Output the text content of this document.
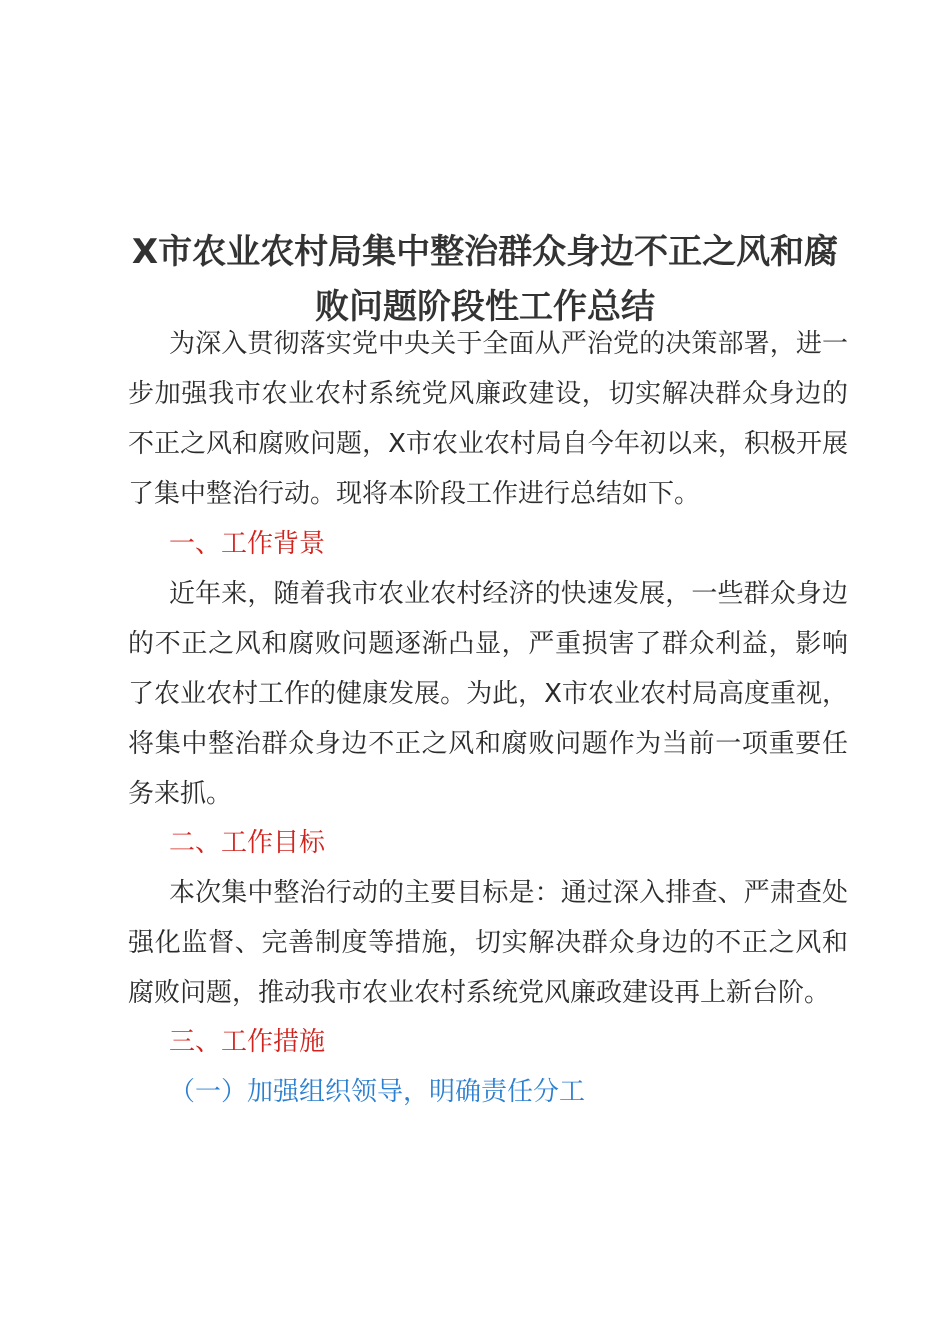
X市农业农村局集中整治群众身边不正之风和腐
败问题阶段性工作总结

为深入贯彻落实党中央关于全面从严治党的决策部署，进一步加强我市农业农村系统党风廉政建设，切实解决群众身边的不正之风和腐败问题，X市农业农村局自今年初以来，积极开展了集中整治行动。现将本阶段工作进行总结如下。

一、工作背景

近年来，随着我市农业农村经济的快速发展，一些群众身边的不正之风和腐败问题逐渐凸显，严重损害了群众利益，影响了农业农村工作的健康发展。为此，X市农业农村局高度重视，将集中整治群众身边不正之风和腐败问题作为当前一项重要任务来抓。

二、工作目标

本次集中整治行动的主要目标是：通过深入排查、严肃查处强化监督、完善制度等措施，切实解决群众身边的不正之风和腐败问题，推动我市农业农村系统党风廉政建设再上新台阶。

三、工作措施

（一）加强组织领导，明确责任分工
